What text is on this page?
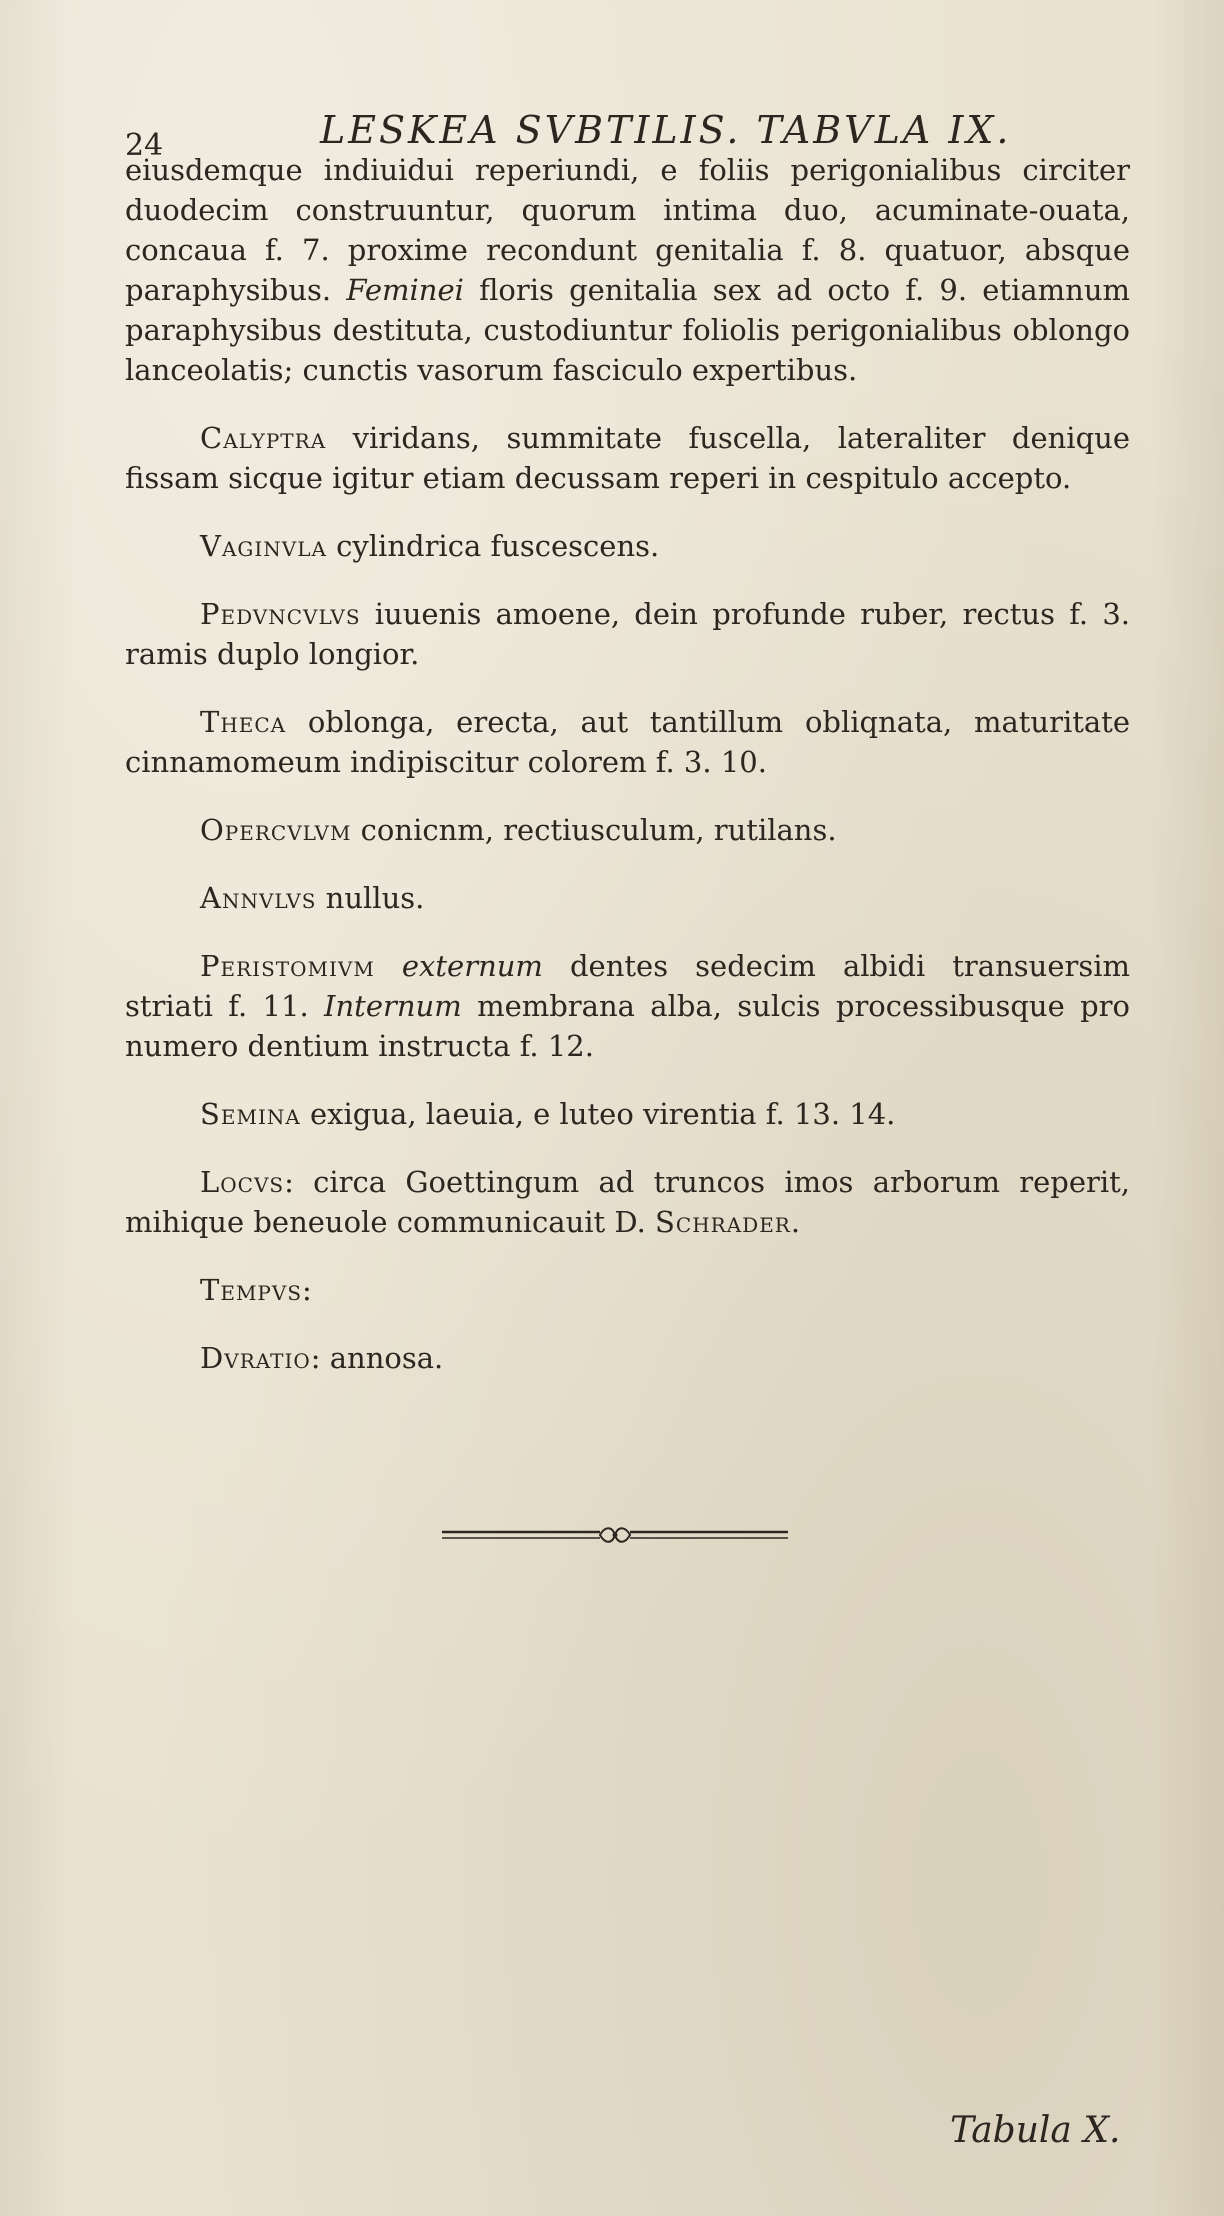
24	LESKEA SVBTILIS. TABVLA IX.

eiusdemque indiuidui reperiundi, e foliis perigonialibus circiter duodecim construuntur, quorum intima duo, acuminate-ouata, concaua f. 7. proxime recondunt genitalia f. 8. quatuor, absque paraphysibus. Feminei floris genitalia sex ad octo f. 9. etiamnum paraphysibus destituta, custodiuntur foliolis perigonialibus oblongo lanceolatis; cunctis vasorum fasciculo expertibus.

Calyptra viridans, summitate fuscella, lateraliter denique fissam sicque igitur etiam decussam reperi in cespitulo accepto.

Vaginvla cylindrica fuscescens.

Pedvncvlvs iuuenis amoene, dein profunde ruber, rectus f. 3. ramis duplo longior.

Theca oblonga, erecta, aut tantillum obliqnata, maturitate cinnamomeum indipiscitur colorem f. 3. 10.

Opercvlvm conicnm, rectiusculum, rutilans.

Annvlvs nullus.

Peristomivm externum dentes sedecim albidi transuersim striati f. 11. Internum membrana alba, sulcis processibusque pro numero dentium instructa f. 12.

Semina exigua, laeuia, e luteo virentia f. 13. 14.

Locvs: circa Goettingum ad truncos imos arborum reperit, mihique beneuole communicauit D. Schrader.

Tempvs:

Dvratio: annosa.

Tabula X.
